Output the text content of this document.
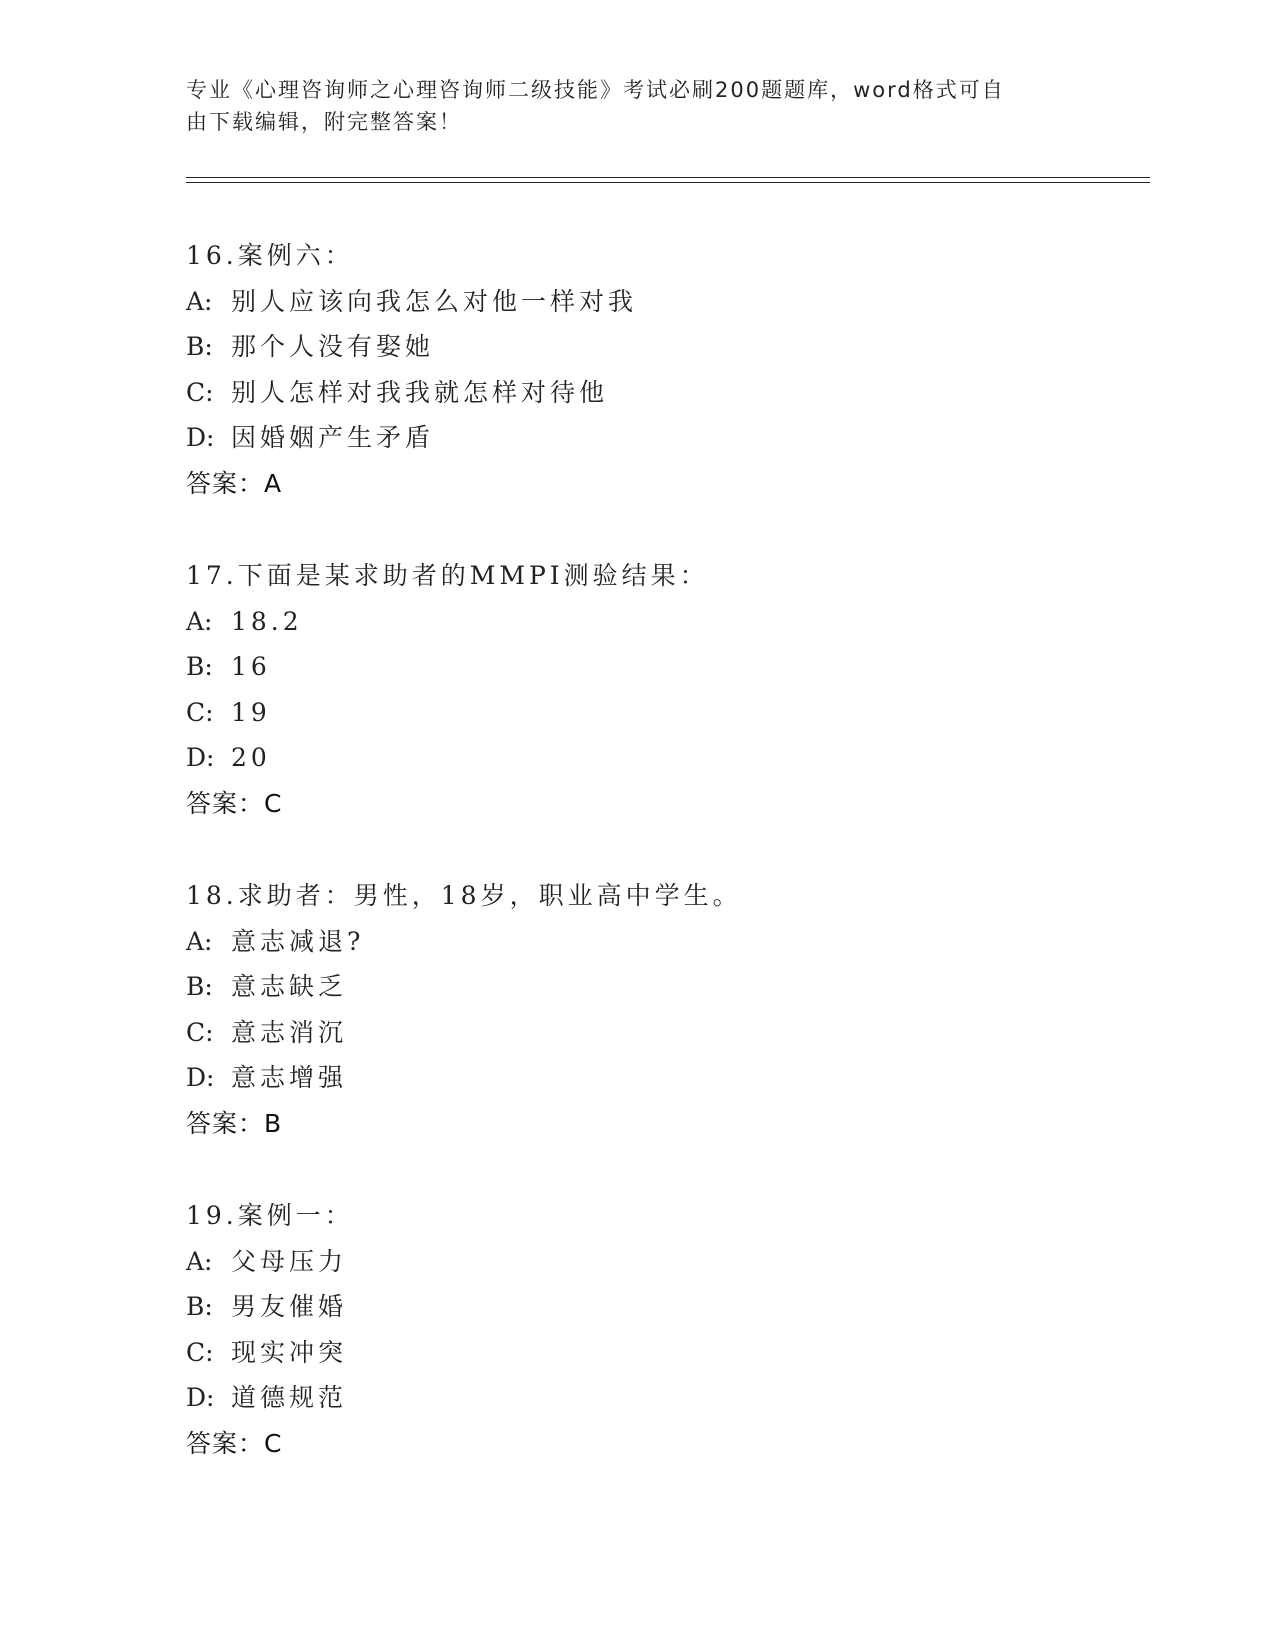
专业《心理咨询师之心理咨询师二级技能》考试必刷200题题库，word格式可自
由下载编辑，附完整答案！
16.案例六：
A: 别人应该向我怎么对他一样对我
B: 那个人没有娶她
C: 别人怎样对我我就怎样对待他
D: 因婚姻产生矛盾
答案：A
17.下面是某求助者的MMPI测验结果：
A: 18.2
B: 16
C: 19
D: 20
答案：C
18.求助者：男性，18岁，职业高中学生。
A: 意志减退?
B: 意志缺乏
C: 意志消沉
D: 意志增强
答案：B
19.案例一：
A: 父母压力
B: 男友催婚
C: 现实冲突
D: 道德规范
答案：C
